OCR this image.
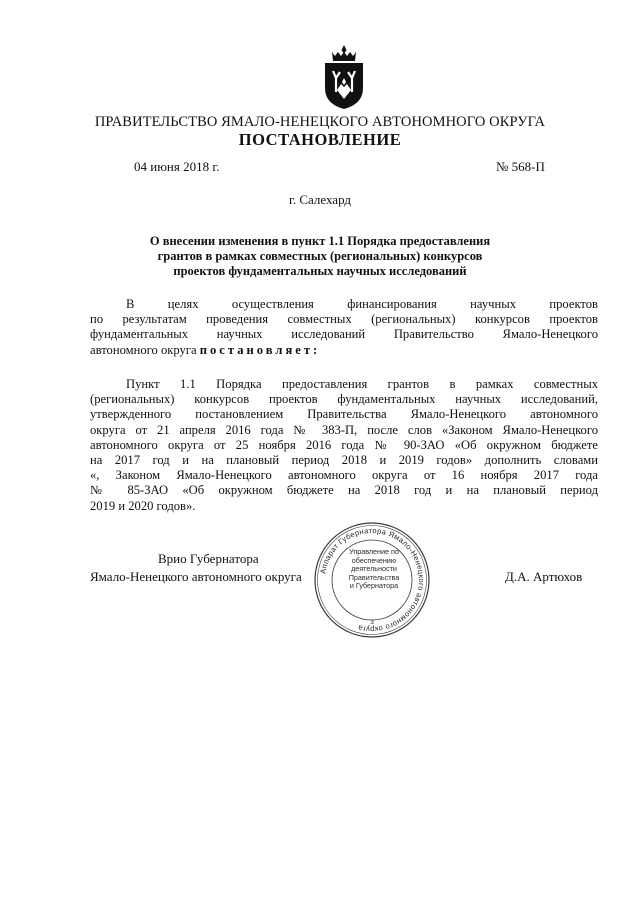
ПРАВИТЕЛЬСТВО ЯМАЛО-НЕНЕЦКОГО АВТОНОМНОГО ОКРУГА
ПОСТАНОВЛЕНИЕ
04 июня 2018 г.	№ 568-П
г. Салехард
О внесении изменения в пункт 1.1 Порядка предоставления
грантов в рамках совместных (региональных) конкурсов
проектов фундаментальных научных исследований
В целях осуществления финансирования научных проектов
по результатам проведения совместных (региональных) конкурсов проектов
фундаментальных научных исследований Правительство Ямало-Ненецкого
автономного округа постановляет:
Пункт 1.1 Порядка предоставления грантов в рамках совместных
(региональных) конкурсов проектов фундаментальных научных исследований,
утвержденного постановлением Правительства Ямало-Ненецкого автономного
округа от 21 апреля 2016 года № 383-П, после слов «Законом Ямало-Ненецкого
автономного округа от 25 ноября 2016 года № 90-ЗАО «Об окружном бюджете
на 2017 год и на плановый период 2018 и 2019 годов» дополнить словами
«, Законом Ямало-Ненецкого автономного округа от 16 ноября 2017 года
№ 85-ЗАО «Об окружном бюджете на 2018 год и на плановый период
2019 и 2020 годов».
Врио Губернатора
Ямало-Ненецкого автономного округа	Д.А. Артюхов
Аппарат Губернатора Ямало-Ненецкого автономного округа
3
Управление по
обеспечению
деятельности
Правительства
и Губернатора
